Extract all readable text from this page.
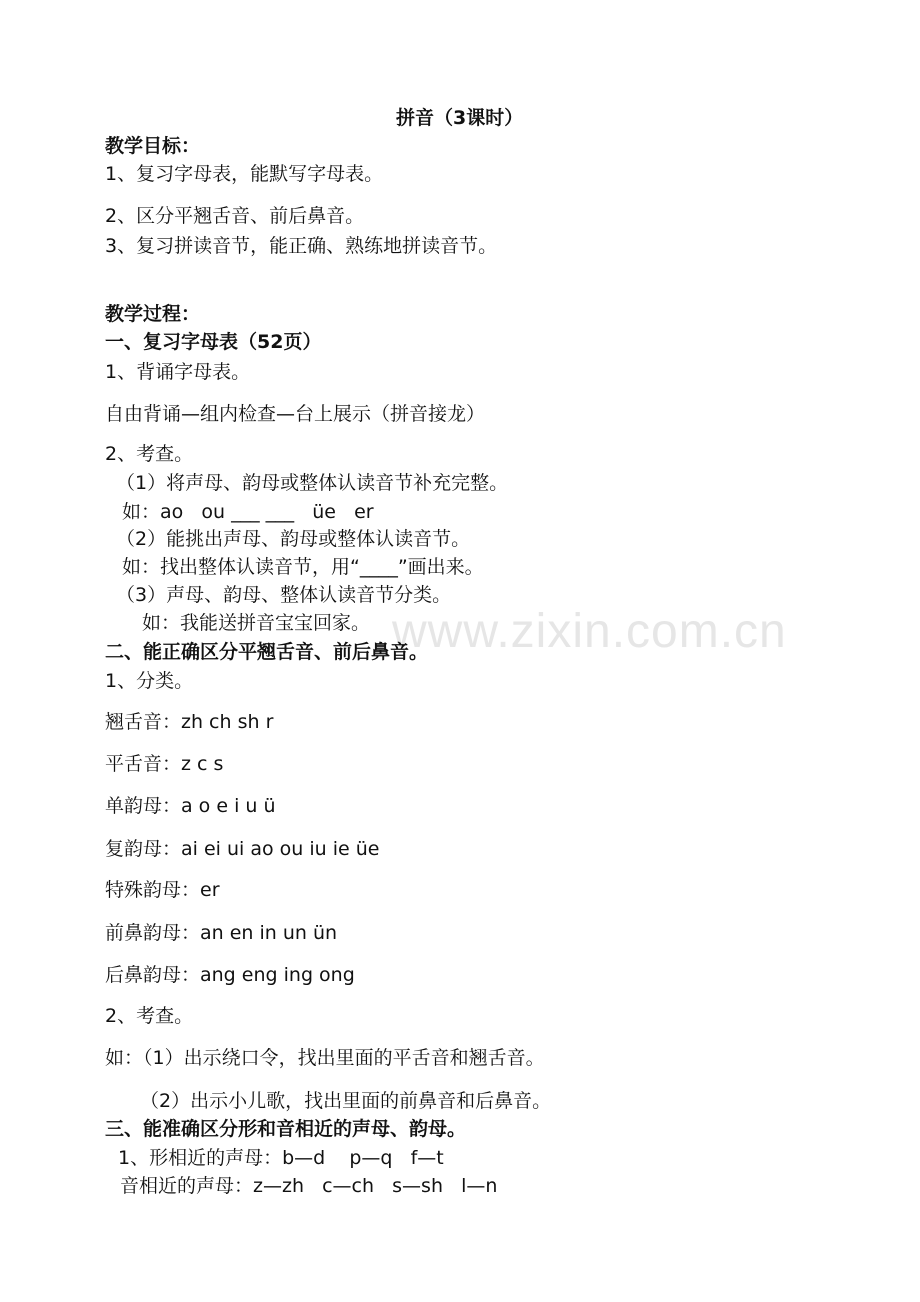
www.zixin.com.cn
拼音（3课时）
教学目标：
1、复习字母表，能默写字母表。
2、区分平翘舌音、前后鼻音。
3、复习拼读音节，能正确、熟练地拼读音节。
教学过程：
一、复习字母表（52页）
1、背诵字母表。
自由背诵—组内检查—台上展示（拼音接龙）
2、考查。
（1）将声母、韵母或整体认读音节补充完整。
如：ao   ou ___ ___   üe   er
（2）能挑出声母、韵母或整体认读音节。
如：找出整体认读音节，用“____”画出来。
（3）声母、韵母、整体认读音节分类。
如：我能送拼音宝宝回家。
二、能正确区分平翘舌音、前后鼻音。
1、分类。
翘舌音：zh ch sh r
平舌音：z c s
单韵母：a o e i u ü
复韵母：ai ei ui ao ou iu ie üe
特殊韵母：er
前鼻韵母：an en in un ün
后鼻韵母：ang eng ing ong
2、考查。
如：（1）出示绕口令，找出里面的平舌音和翘舌音。
（2）出示小儿歌，找出里面的前鼻音和后鼻音。
三、能准确区分形和音相近的声母、韵母。
1、形相近的声母：b—d    p—q   f—t
音相近的声母：z—zh   c—ch   s—sh   l—n
